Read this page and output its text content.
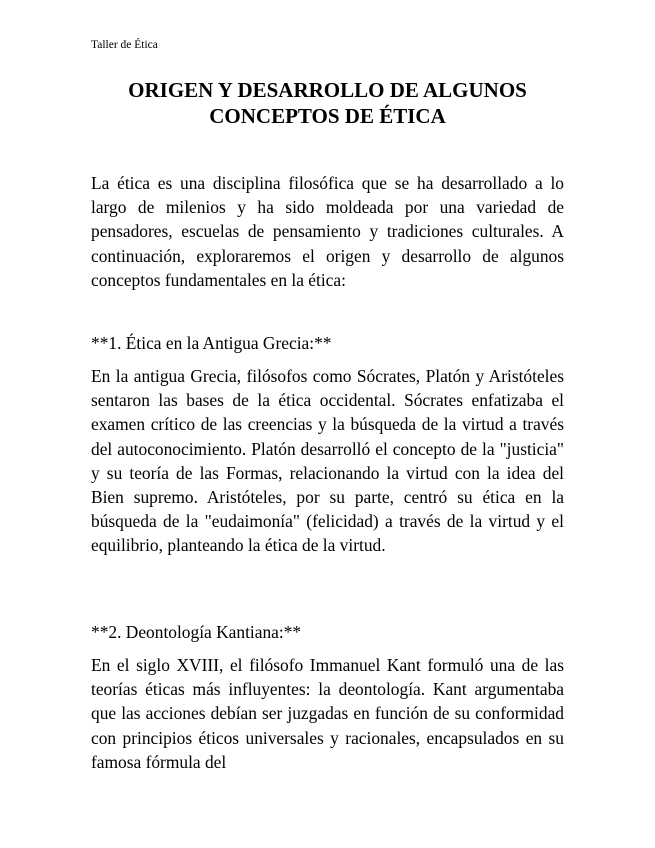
Taller de Ética
ORIGEN Y DESARROLLO DE ALGUNOS
CONCEPTOS DE ÉTICA

La ética es una disciplina filosófica que se ha desarrollado a lo largo de milenios y ha sido moldeada por una variedad de pensadores, escuelas de pensamiento y tradiciones culturales. A continuación, exploraremos el origen y desarrollo de algunos conceptos fundamentales en la ética:

**1. Ética en la Antigua Grecia:**

En la antigua Grecia, filósofos como Sócrates, Platón y Aristóteles sentaron las bases de la ética occidental. Sócrates enfatizaba el examen crítico de las creencias y la búsqueda de la virtud a través del autoconocimiento. Platón desarrolló el concepto de la "justicia" y su teoría de las Formas, relacionando la virtud con la idea del Bien supremo. Aristóteles, por su parte, centró su ética en la búsqueda de la "eudaimonía" (felicidad) a través de la virtud y el equilibrio, planteando la ética de la virtud.

**2. Deontología Kantiana:**

En el siglo XVIII, el filósofo Immanuel Kant formuló una de las teorías éticas más influyentes: la deontología. Kant argumentaba que las acciones debían ser juzgadas en función de su conformidad con principios éticos universales y racionales, encapsulados en su famosa fórmula del
